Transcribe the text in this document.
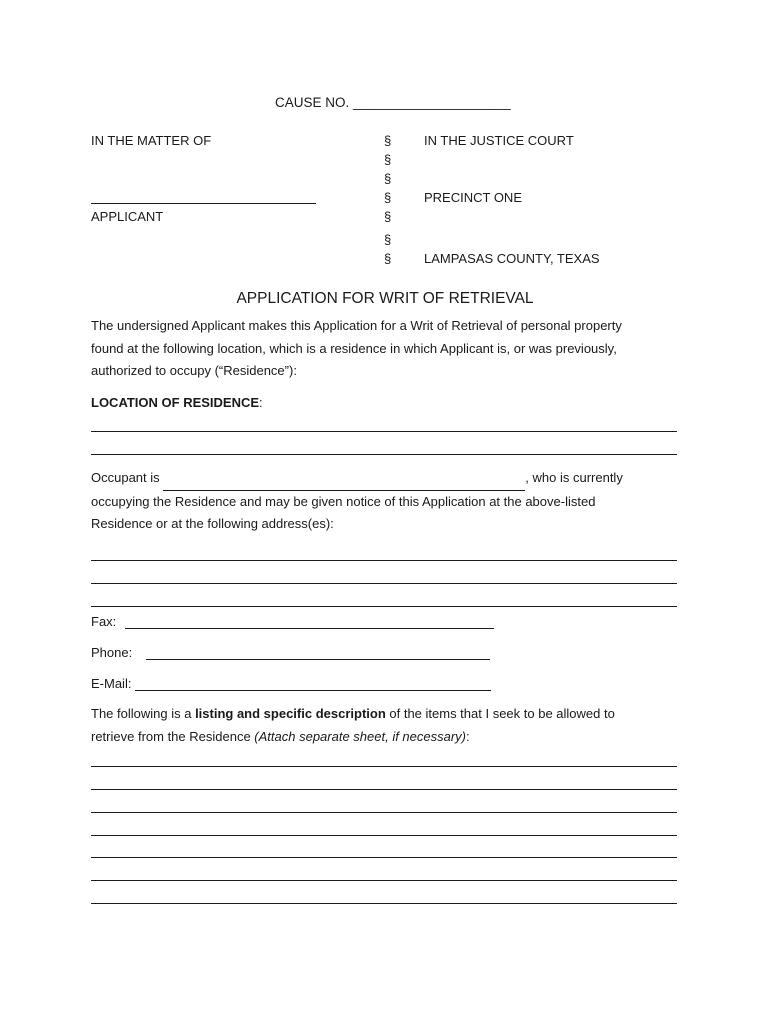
CAUSE NO. _____________________
IN THE MATTER OF
APPLICANT
§
§
§
§
§
§
§
IN THE JUSTICE COURT
PRECINCT ONE
LAMPASAS COUNTY, TEXAS
APPLICATION FOR WRIT OF RETRIEVAL
The undersigned Applicant makes this Application for a Writ of Retrieval of personal property
found at the following location, which is a residence in which Applicant is, or was previously,
authorized to occupy (“Residence”):
LOCATION OF RESIDENCE:
Occupant is	, who is currently
occupying the Residence and may be given notice of this Application at the above-listed
Residence or at the following address(es):
Fax:
Phone:
E-Mail:
The following is a listing and specific description of the items that I seek to be allowed to
retrieve from the Residence (Attach separate sheet, if necessary):
